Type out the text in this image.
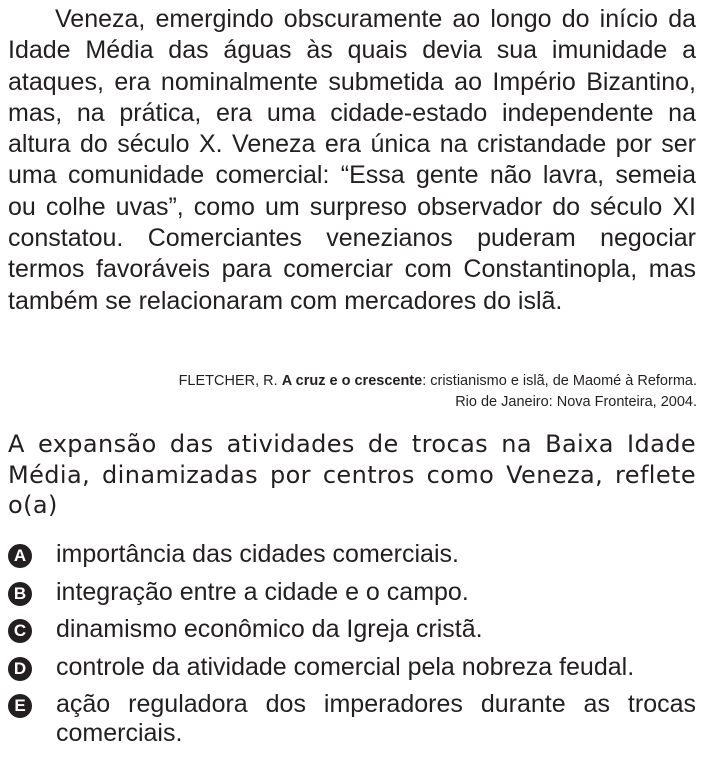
Veneza, emergindo obscuramente ao longo do início da Idade Média das águas às quais devia sua imunidade a ataques, era nominalmente submetida ao Império Bizantino, mas, na prática, era uma cidade-estado independente na altura do século X. Veneza era única na cristandade por ser uma comunidade comercial: “Essa gente não lavra, semeia ou colhe uvas”, como um surpreso observador do século XI constatou. Comerciantes venezianos puderam negociar termos favoráveis para comerciar com Constantinopla, mas também se relacionaram com mercadores do islã.

FLETCHER, R. A cruz e o crescente: cristianismo e islã, de Maomé à Reforma.
Rio de Janeiro: Nova Fronteira, 2004.

A expansão das atividades de trocas na Baixa Idade Média, dinamizadas por centros como Veneza, reflete o(a)

A importância das cidades comerciais.
B integração entre a cidade e o campo.
C dinamismo econômico da Igreja cristã.
D controle da atividade comercial pela nobreza feudal.
E ação reguladora dos imperadores durante as trocas comerciais.
